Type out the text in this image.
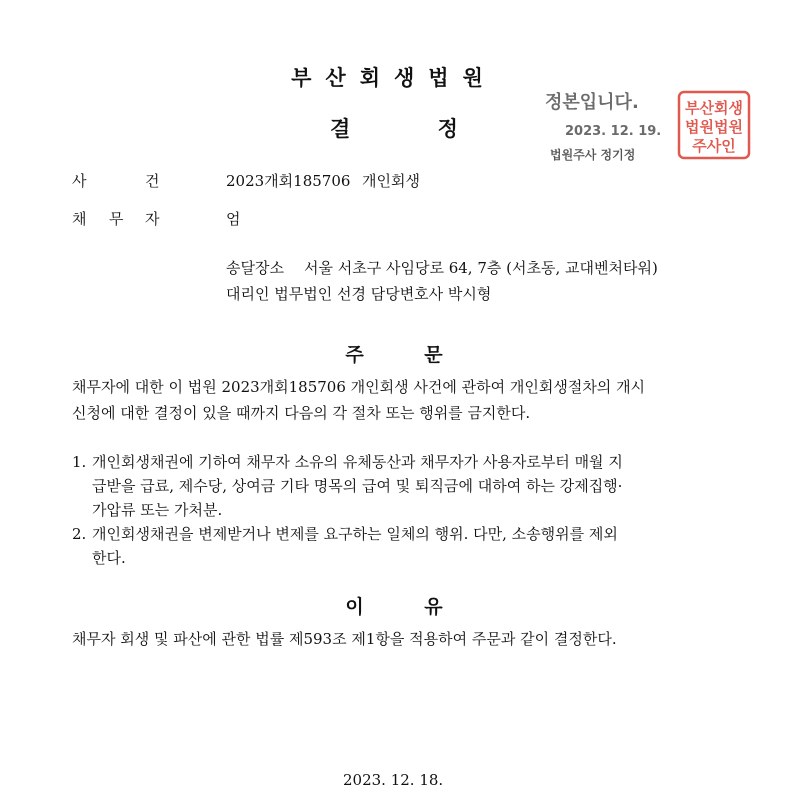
부산회생법원
결 정
정본입니다.
2023. 12. 19.
법원주사 정기정
부산회생
법원법원
주사인
사	건	2023개회185706 개인회생
채 무 자	엄
송달장소 서울 서초구 사임당로 64, 7층 (서초동, 교대벤처타워)
대리인 법무법인 선경 담당변호사 박시형
주 문
채무자에 대한 이 법원 2023개회185706 개인회생 사건에 관하여 개인회생절차의 개시
신청에 대한 결정이 있을 때까지 다음의 각 절차 또는 행위를 금지한다.
1. 개인회생채권에 기하여 채무자 소유의 유체동산과 채무자가 사용자로부터 매월 지
급받을 급료, 제수당, 상여금 기타 명목의 급여 및 퇴직금에 대하여 하는 강제집행·
가압류 또는 가처분.
2. 개인회생채권을 변제받거나 변제를 요구하는 일체의 행위. 다만, 소송행위를 제외
한다.
이 유
채무자 회생 및 파산에 관한 법률 제593조 제1항을 적용하여 주문과 같이 결정한다.
2023. 12. 18.
